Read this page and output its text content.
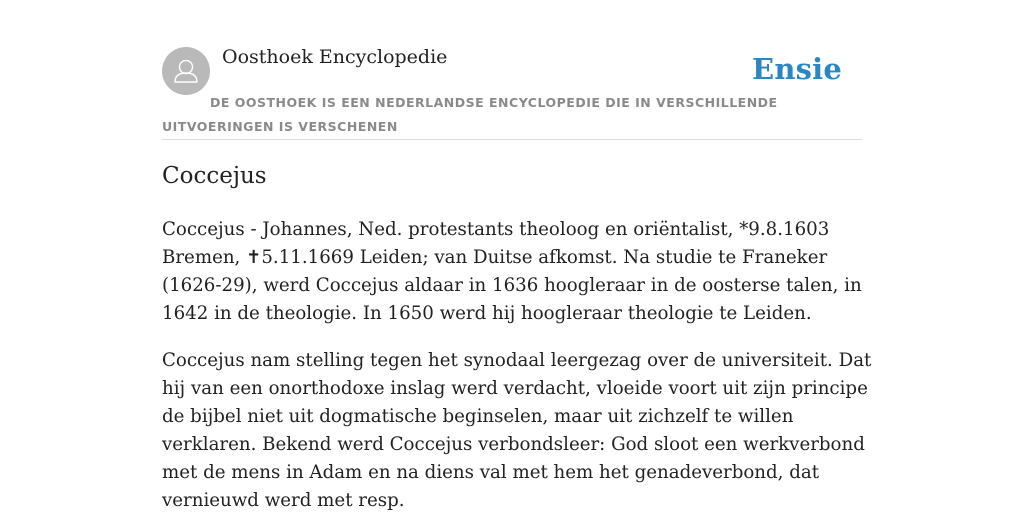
Oosthoek Encyclopedie	Ensie
DE OOSTHOEK IS EEN NEDERLANDSE ENCYCLOPEDIE DIE IN VERSCHILLENDE UITVOERINGEN IS VERSCHENEN
Coccejus

Coccejus - Johannes, Ned. protestants theoloog en oriëntalist, *9.8.1603 Bremen, ✝5.11.1669 Leiden; van Duitse afkomst. Na studie te Franeker (1626-29), werd Coccejus aldaar in 1636 hoogleraar in de oosterse talen, in 1642 in de theologie. In 1650 werd hij hoogleraar theologie te Leiden.

Coccejus nam stelling tegen het synodaal leergezag over de universiteit. Dat hij van een onorthodoxe inslag werd verdacht, vloeide voort uit zijn principe de bijbel niet uit dogmatische beginselen, maar uit zichzelf te willen verklaren. Bekend werd Coccejus verbondsleer: God sloot een werkverbond met de mens in Adam en na diens val met hem het genadeverbond, dat vernieuwd werd met resp.
